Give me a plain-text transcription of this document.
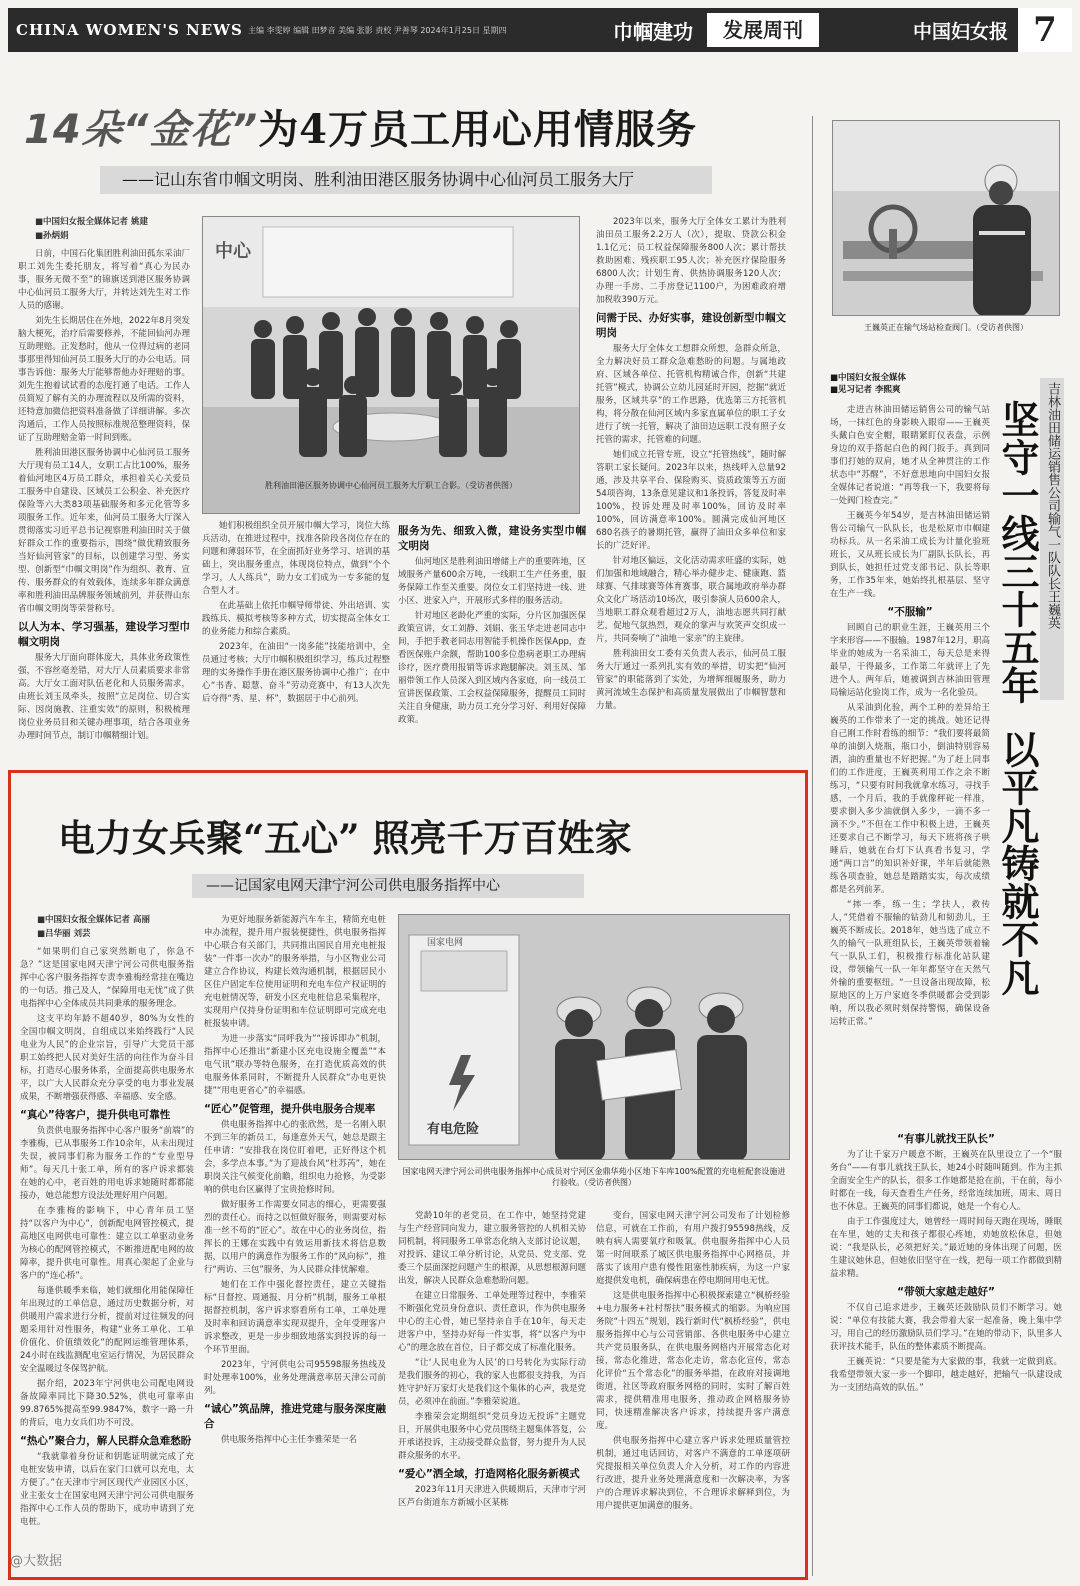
CHINA WOMEN'S NEWS 主编 李雯婷 编辑 田梦音 美编 张影 责校 尹善琴 2024年1月25日 星期四	巾帼建功	发展周刊	中国妇女报 7
14朵“金花”为4万员工用心用情服务
——记山东省巾帼文明岗、胜利油田港区服务协调中心仙河员工服务大厅

■ 中国妇女报全媒体记者 姚建

■ 孙炳娟

日前，中国石化集团胜利油田孤东采油厂职工刘先生委托朋友，将写着“真心为民办事，服务无微不至”的锦旗送到港区服务协调中心仙河员工服务大厅，并转达刘先生对工作人员的感谢。

刘先生长期居住在外地，2022年8月突发脑大梗死，治疗后需要修养，不能回仙河办理互助理赔。正发愁时，他从一位得过病的老同事那里得知仙河员工服务大厅的办公电话。同事告诉他：服务大厅能够帮他办好理赔的事。刘先生抱着试试看的态度打通了电话。工作人员简短了解有关的办理流程以及所需的资料，还特意加微信把资料准备做了详细讲解。多次沟通后，工作人员按照标准规范整理资料，保证了互助理赔金第一时间到账。

胜利油田港区服务协调中心仙河员工服务大厅现有员工14人，女职工占比100%，服务着仙河地区4万员工群众，承担着关心关爱员工服务中自建设、区域员工公积金、补充医疗保险等六大类83项基础服务和多元化管等多项服务工作。近年来，仙河员工服务大厅深入贯彻落实习近平总书记视察胜利油田时关于做好群众工作的重要指示，围绕“做优精致服务 当好仙河管家”的目标，以创建学习型、务实型、创新型“巾帼文明岗”作为组织、教育、宣传、服务群众的有效载体，连续多年群众满意率和胜利油田品牌服务领域前列，并获得山东省巾帼文明岗等荣誉称号。

以人为本、学习强基，建设学习型巾帼文明岗

服务大厅面向群体庞大，具体业务政策性强，不容丝毫差错，对大厅人员素质要求非常高。大厅女工面对队伍老化和人员服务需求，由班长刘玉凤牵头，按照“立足岗位、切合实际、因岗施教、注重实效”的原则，积极梳理岗位业务员目和关键办理事项，结合各项业务办理时间节点，制订巾帼精细计划。

中心
胜利油田港区服务协调中心仙河员工服务大厅职工合影。（受访者供图）

她们积极组织全员开展巾帼大学习，岗位大练兵活动，在推进过程中，找准各阶段各岗位存在的问题和薄弱环节，在全面抓好业务学习、培训的基础上，突出服务重点，体现岗位特点，做到“个个学习，人人练兵”，助力女工们成为一专多能的复合型人才。

在此基础上依托巾帼导师带徒、外出培训、实践练兵、模拟考核等多种方式，切实提高全体女工的业务能力和综合素质。

2023年，在油田“一岗多能”技能培训中，全员通过考核；大厅巾帼积极组织学习，练兵过程整理的实务操作手册在港区服务协调中心推广；在中心“书香、聪慧、奋斗”劳动竞赛中，有13人次先后夺得“秀、星、杯”，数据居于中心前列。

服务为先、细致入微，建设务实型巾帼文明岗

仙河地区是胜利油田增储上产的重要阵地，区域服务产量600余万吨，一线职工生产任务重，服务保障工作至关重要。岗位女工们坚持进一线、进小区、进家入户，开展形式多样的服务活动。

针对地区老龄化严重的实际，分片区加强医保政策宣讲，女工刘静、刘娟、张玉华走进老同志中间，手把手教老同志用智能手机操作医保App，查看医保账户余额，帮助100多位患病老职工办理病诊疗，医疗费用报销等诉求跑腿解决。刘玉凤、邹丽带领工作人员深入到区域内各家庭，向一线员工宣讲医保政策、工会权益保障服务，提醒员工同时关注自身健康，助力员工充分学习好、利用好保障政策。

2023年以来，服务大厅全体女工累计为胜利油田员工服务2.2万人（次），提取、贷款公积金1.1亿元；员工权益保障服务800人次；累计帮扶救助困难、残疾职工95人次；补充医疗保险服务6800人次；计划生育、供热协调服务120人次；办理一手房、二手房登记1100户，为困难政府增加税收390万元。

问需于民、办好实事，建设创新型巾帼文明岗

服务大厅全体女工想群众所想，急群众所急，全力解决好员工群众急难愁盼的问题。与属地政府、区域各单位、托管机构精诚合作，创新“共建托管”模式，协调公立幼儿园延时开园，挖掘“就近服务，区域共享”的工作思路，优选第三方托管机构，将分散在仙河区域内多家直属单位的职工子女进行了统一托管，解决了油田边远职工没有照子女托管的需求，托管难的问题。

她们成立托管专班，设立“托管热线”，随时解答职工家长疑问。2023年以来，热线呼入总量92通，涉及共享平台、保险购买、资质政策等五方面54项咨询，13条意见建议和1条投诉，答复及时率100%，投诉处理及时率100%，回访及时率100%，回访满意率100%。圆满完成仙河地区680名孩子的暑期托管，赢得了油田众多单位和家长的广泛好评。

针对地区偏远，文化活动需求旺盛的实际，她们加强和地域融合，精心举办健步走、健康跑、篮球赛、气排球赛等体育赛事，联合属地政府举办群众文化广场活动10场次，吸引参演人员600余人，当地职工群众观看超过2万人，油地志愿共同打献艺，促地气氛热烈，观众的掌声与欢笑声交织成一片，共同奏响了“油地一家亲”的主旋律。

胜利油田女工委有关负责人表示，仙河员工服务大厅通过一系列扎实有效的举措，切实把“仙河管家”的职能落到了实处，为增辉细履服务，助力黄河流域生态保护和高质量发展做出了巾帼智慧和力量。

电力女兵聚“五心” 照亮千万百姓家
——记国家电网天津宁河公司供电服务指挥中心

■ 中国妇女报全媒体记者 高丽

■ 吕华丽 刘芸

“如果明们自己家突然断电了，你急不急？”这是国家电网天津宁河公司供电服务指挥中心客户服务指挥专责李雅梅经常挂在嘴边的一句话。推己及人，“保障用电无忧”成了供电指挥中心全体成员共同秉承的服务理念。

这支平均年龄不超40岁，80%为女性的全国巾帼文明岗，自组成以来始终践行“人民电业为人民”的企业宗旨，引导广大党员干部职工始终把人民对美好生活的向往作为奋斗目标，打造尽心服务体系，全面提高供电服务水平，以广大人民群众充分享受的电力事业发展成果，不断增强获得感、幸福感、安全感。

“真心”待客户，提升供电可靠性

负责供电服务指挥中心客户服务“前端”的李雅梅，已从事服务工作10余年，从未出现过失误，被同事们称为服务工作的“专业型导师”。每天几十张工单，所有的客户诉求都装在她的心中，老百姓的用电诉求她随时都都能接办，她总能想方设法处理好用户问题。

在李雅梅的影响下，中心青年员工坚持“以客户为中心”，创新配电网管控模式，提高地区电网供电可靠性：建立以工单驱动业务为核心的配网管控模式，不断推进配电网的故障率，提升供电可靠性。用真心架起了企业与客户的“连心桥”。

每逢供暖季来临，她们就细化用能保障任年出现过的工单信息，通过历史数据分析，对供暖用户需求进行分析，提前对过往频发的问题采用针对性服务，构建“业务工单化、工单价值化、价值绩效化”的配网运维管理体系，24小时在线监测配电室运行情况，为居民群众安全温暖过冬保驾护航。

据介绍，2023年宁河供电公司配电网设备故障率同比下降30.52%，供电可靠率由99.8765%提高至99.9847%，数字一路一升的背后，电力女兵们功不可没。

“热心”聚合力，解人民群众急难愁盼

“我就靠着身份证和钥匙证明就完成了充电桩安装申请，以后在家门口就可以充电，太方便了。”在天津市宁河区现代产业园区小区，业主张女士在国家电网天津宁河公司供电服务指挥中心工作人员的帮助下，成功申请到了充电桩。

为更好地服务新能源汽车车主，精简充电桩申办流程，提升用户报装便捷性，供电服务指挥中心联合有关部门，共同推出国民自用充电桩报装“一件事一次办”的服务举措，与小区物业公司建立合作协议，构建长效沟通机制，根据居民小区住户固定车位使用证明和充电车位产权证明的充电桩情况等，研发小区充电桩信息采集程序，实现用户仅持身份证明和车位证明即可完成充电桩报装申请。

为进一步落实“同呼我为”“接诉即办”机制，指挥中心还推出“新建小区充电设施全覆盖”“本电气讯”联办等特色服务，在打造优质高效的供电服务体系同时，不断提升人民群众“办电更快捷”“用电更省心”的幸福感。

“匠心”促管理，提升供电服务合规率

供电服务指挥中心的张欣然，是一名刚入职不到三年的新员工，每逢意外天气，她总是跟主任申请：“安排我在岗位盯着吧，正好得这个机会，多学点本事。”为了迎战台风“杜苏芮”，她在职岗关注气候变化前瞻，组织电力抢修，为受影响的供电台区赢得了宝贵抢修时间。

做好服务工作需要女同志的细心，更需要强烈的责任心。而持之以恒做好服务，则需要对标准一丝不苟的“匠心”。故在中心的业务岗位，指挥长的王娜在实践中有效运用新技术将信息数据，以用户的满意作为服务工作的“风向标”，推行“两访、三包”服务，为人民群众排忧解难。

她们在工作中强化督控责任，建立关键指标“日督控、周通报、月分析”机制，服务工单根据督控机制，客户诉求察看所有工单，工单处理及时率和回访满意率实现双提升，全年受理客户诉求整改，更是一步步细致地落实到投诉的每一个环节里面。

2023年，宁河供电公司95598服务热线及时处理率100%，业务处理满意率居天津公司前列。

“诚心”筑品牌，推进党建与服务深度融合

供电服务指挥中心主任李雅荣是一名

有电危险
国家电网
国家电网天津宁河公司供电服务指挥中心成员对宁河区金鼎华苑小区地下车库100%配置的充电桩配套设施进行验收。（受访者供图）

党龄10年的老党员，在工作中，她坚持党建与生产经营同向发力，建立服务管控的人机相关协同机制，将同服务工单常态化纳入支部讨论议题，对投诉、建议工单分析讨论，从党员、党支部、党委三个层面深挖问题产生的根源，从思想根源问题出发，解决人民群众急难愁盼问题。

在建立日常服务、工单处理等过程中，李雅荣不断强化党员身份意识、责任意识，作为供电服务中心的主心骨，她已坚持亲自手在10年，每天走进客户中，坚持办好每一件实事，将“以客户为中心”的理念放在首位，日子都交成了标准化服务。

“让‘人民电业为人民’的口号转化为实际行动是我们服务的初心，我的家人也都很支持我，为百姓守护好万家灯火是我们这个集体的心声，我是党员，必须冲在前面。”李雅荣说道。

李雅荣会定期组织“党员身边无投诉”主题党日，开展供电服务中心党员围绕主题集体答复，公开承诺投诉，主动接受群众监督，努力提升为人民群众服务的水平。

“爱心”洒全域，打造网格化服务新模式

2023年11月天津进入供暖期后，天津市宁河区芦台街道东方新城小区某栋

变台，国家电网天津宁河公司发布了计划检修信息，可就在工作前，有用户拨打95598热线，反映有病人需要氧疗和吸氧。供电服务指挥中心人员第一时间联系了城区供电服务指挥中心网格员，并落实了该用户患有慢性阻塞性肺疾病，为这一户家庭提供发电机，确保病患在停电期间用电无忧。

这是供电服务指挥中心积极探索建立“枫桥经验+电力服务+社村帮扶”服务模式的缩影。为响应国务院“十四五”规划，践行新时代“枫桥经验”，供电服务指挥中心与公司营销部、各供电服务中心建立共产党员服务队，在供电服务网格内开展常态化对接，常态化推进，常态化走访，常态化宣传，常态化评价“五个常态化”的服务举措，在政府对接调地街道，社区等政府服务网格的同时，实时了解百姓需求，提供精准用电服务，推动政企网格服务协同，快速精准解决客户诉求，持续提升客户满意度。

供电服务指挥中心建立客户诉求处理质量管控机制，通过电话回访，对客户不满意的工单逐项研究提报相关单位负责人介入分析，对工作的内容进行改进，提升业务处理满意度和一次解决率，为客户的合理诉求解决到位，不合理诉求解释到位，为用户提供更加满意的服务。

王巍英正在输气场站检查阀门。（受访者供图）

■ 中国妇女报全媒体

■ 见习记者 李熙爽	吉林油田储运销售公司输气一队队长王巍英
坚守一线三十五年以平凡铸就不凡

走进吉林油田储运销售公司的输气站场，一抹红色的身影映入眼帘——王巍英头戴白色安全帽，眼睛紧盯仪表盘，示例身边的双手搭起白色的阀门扳手。真到同事们打她的双肩，她才从全神贯注的工作状态中“苏醒”，不好意思地向中国妇女报全媒体记者说道：“再等我一下，我要将每一处阀门检查完。”

王巍英今年54岁，是吉林油田储运销售公司输气一队队长，也是松原市巾帼建功标兵。从一名采油工成长为计量化验班班长，又从班长成长为厂副队长队长，再到队长，她担任过党支部书记、队长等职务，工作35年来，她始终扎根基层、坚守在生产一线。

“不服输”

回顾自己的职业生涯，王巍英用三个字来形容——不服输。1987年12月，职高毕业的她成为一名采油工，每天总是来得最早，干得最多，工作第二年就评上了先进个人。两年后，她被调到吉林油田管理局输运站化验岗工作，成为一名化验员。

从采油到化验，两个工种的差异给王巍英的工作带来了一定的挑战。她还记得自己刚工作时看练的细节：“我们要将最简单的油倒入烧瓶，瓶口小，倒油特别容易洒，油的重量也不好把握。”为了赶上同事们的工作进度，王巍英利用工作之余不断练习，“只要有时间我就拿水练习，寻找手感，一个月后，我的手就像秤砣一样准，要求倒入多少油就倒入多少，一滴不多一滴不少。”不但在工作中积极上进，王巍英还要求自己不断学习，每天下班将孩子哄睡后，她就在台灯下认真看书复习，学通“两口言”的知识补好课，半年后就能熟练各项查验，她总是踏踏实实，每次成绩都是名列前茅。

“摔一季，练一生；学扶人，救传人，”凭借着不服输的钻劲儿和韧劲儿，王巍英不断成长。2018年，她当选了成立不久的输气一队班组队长，王巍英带领着输气一队队工们，积极推行标准化站队建设，带领输气一队一年年都坚守在天然气外输的重要枢纽。“一旦设备出现故障，松原地区的上万户家庭冬季供暖都会受到影响，所以我必须时刻保持警惕，确保设备运转正常。”

“有事儿就找王队长”

为了让千家万户暖意不断，王巍英在队里设立了一个“服务台”——有事儿就找王队长，她24小时随叫随到。作为主抓全面安全生产的队长，很多工作她都是抢在前，干在前，每小时都在一线，每天查看生产任务，经常连续加班，周末、周日也不休息。王巍英的同事们都说，她是一个有心人。

由于工作强度过大，她曾经一周时间每天跑在现场，睡眠在车里，她的丈夫和孩子都很心疼她，劝她放松休息，但她说：“我是队长，必须把好关。”最近她的身体出现了问题，医生建议她休息，但她依旧坚守在一线，把每一项工作都做到精益求精。

“带领大家越走越好”

不仅自己追求进步，王巍英还鼓励队员们不断学习。她说：“单位有技能大赛，我会带着大家一起准备，晚上集中学习，用自己的经历激励队员们学习。”在她的带动下，队里多人获评技术能手，队伍的整体素质不断提高。

王巍英说：“只要是能为大家做的事，我就一定做到底。我希望带领大家一步一个脚印，越走越好，把输气一队建设成为一支团结高效的队伍。”

@大数据
